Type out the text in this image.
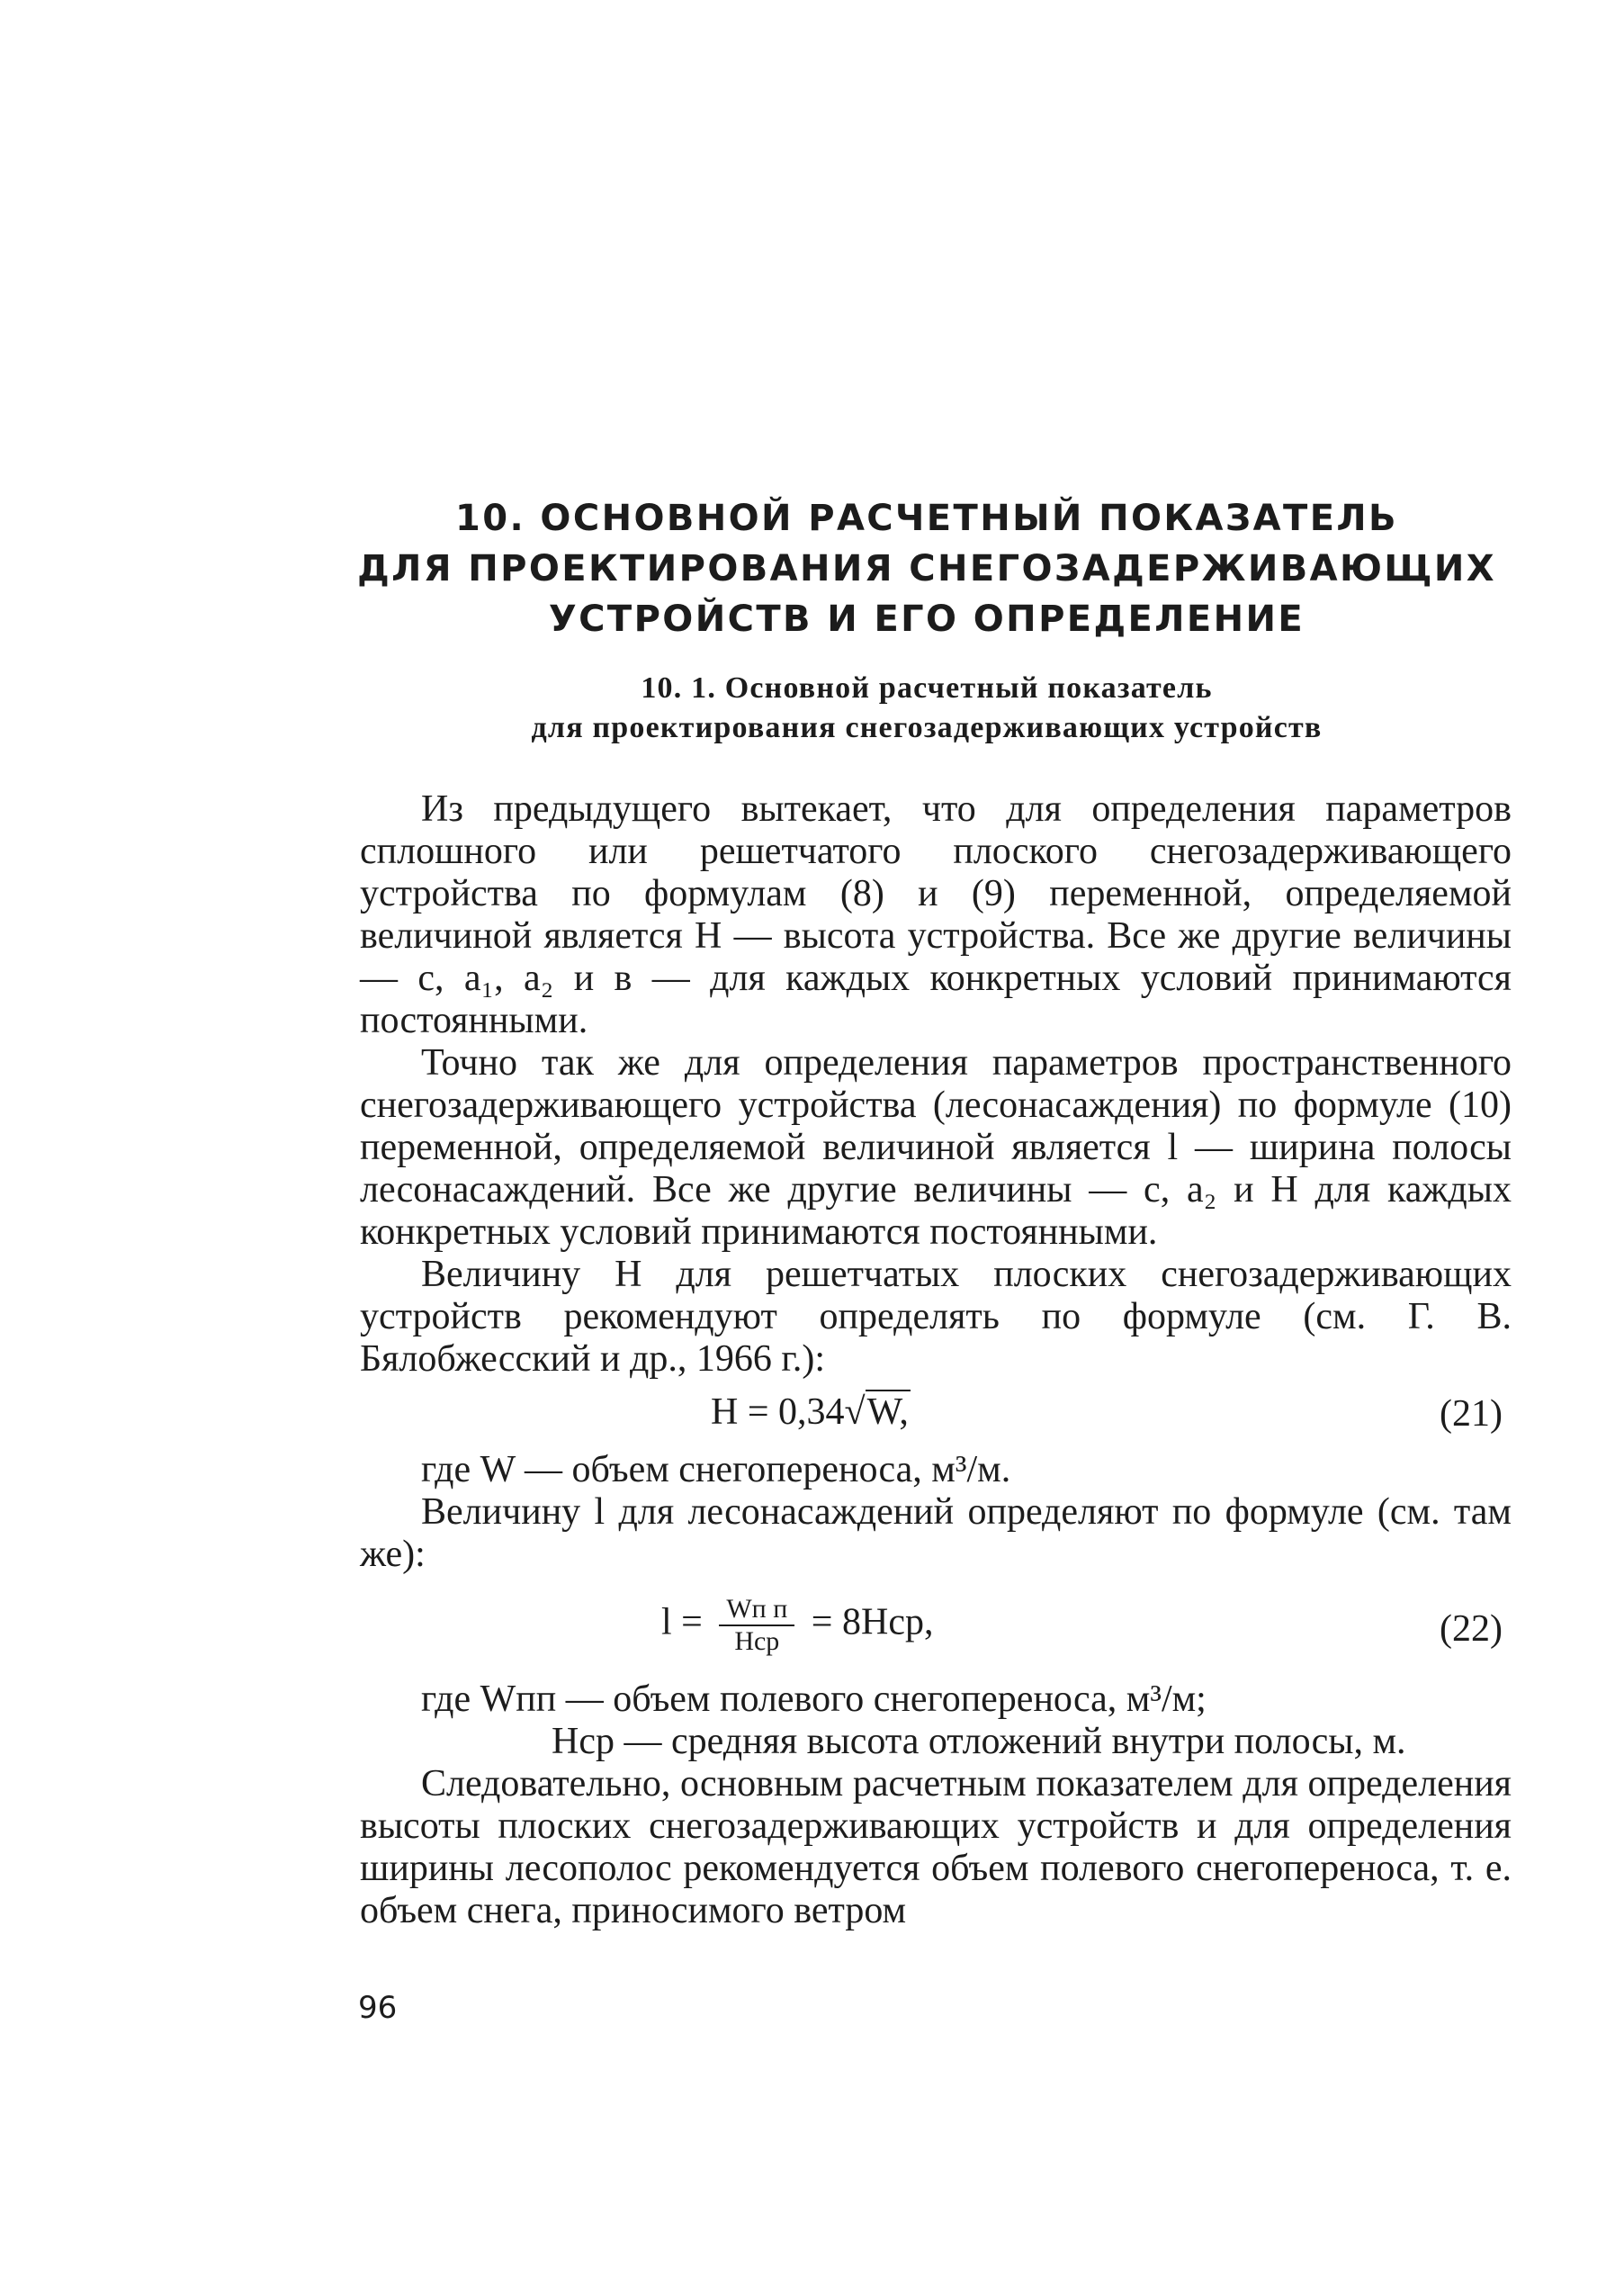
10. ОСНОВНОЙ РАСЧЕТНЫЙ ПОКАЗАТЕЛЬ
ДЛЯ ПРОЕКТИРОВАНИЯ СНЕГОЗАДЕРЖИВАЮЩИХ
УСТРОЙСТВ И ЕГО ОПРЕДЕЛЕНИЕ
10. 1. Основной расчетный показатель
для проектирования снегозадерживающих устройств

Из предыдущего вытекает, что для определения параметров сплошного или решетчатого плоского снегозадерживающего устройства по формулам (8) и (9) переменной, определяемой величиной является H — высота устройства. Все же другие величины — c, a₁, a₂ и в — для каждых конкретных условий принимаются постоянными.

Точно так же для определения параметров пространственного снегозадерживающего устройства (лесонасаждения) по формуле (10) переменной, определяемой величиной является l — ширина полосы лесонасаждений. Все же другие величины — c, a₂ и H для каждых конкретных условий принимаются постоянными.

Величину H для решетчатых плоских снегозадерживающих устройств рекомендуют определять по формуле (см. Г. В. Бялобжесский и др., 1966 г.):

H = 0,34√W,	(21)

где W — объем снегопереноса, м³/м.

Величину l для лесонасаждений определяют по формуле (см. там же):

$l = \frac{\text{Wп п}}{\text{Hср}} = 8Hср$,	(22)

где Wпп — объем полевого снегопереноса, м³/м;

Hср — средняя высота отложений внутри полосы, м.

Следовательно, основным расчетным показателем для определения высоты плоских снегозадерживающих устройств и для определения ширины лесополос рекомендуется объем полевого снегопереноса, т. е. объем снега, приносимого ветром

96
